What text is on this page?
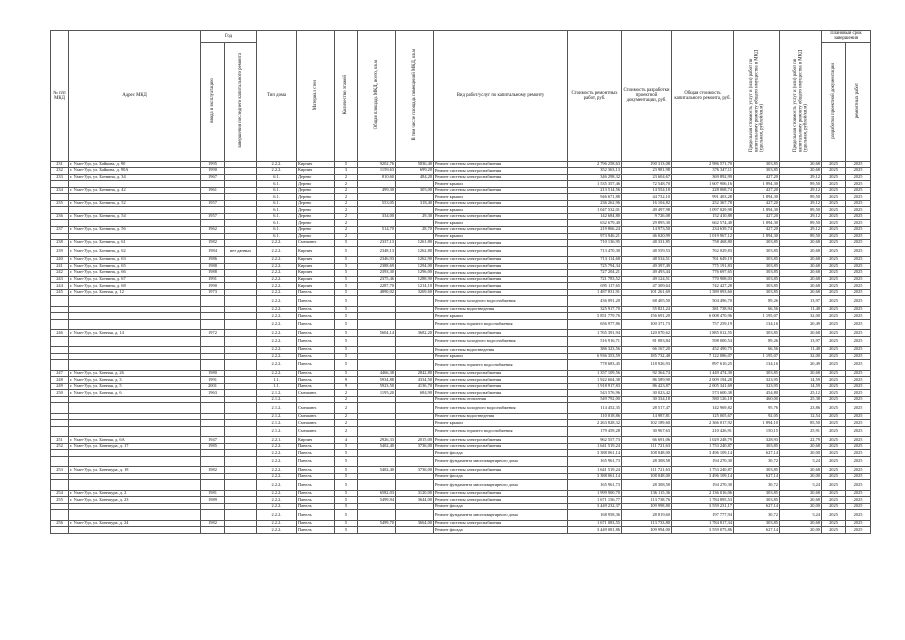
№ п/п МКД	Адрес МКД	Год		Тип дома	Материал стен	Количество этажей	Общая площадь МКД, всего, кв.м	В том числе площадь помещений МКД, кв.м	Вид работ/услуг по капитальному ремонту	Стоимость ремонтных работ, руб.	Стоимость разработки проектной документации, руб.	Общая стоимость капитального ремонта, руб.	Предельная стоимость услуг и (или) работ по капитальному ремонту общего имущества в МКД (удельная, рублей/кв.м)	Предельная стоимость услуг и (или) работ по капитальному ремонту общего имущества в МКД (удельная, рублей/кв.м)	Плановый срок завершения	
		ввода в эксплуатацию	завершения последнего капитального ремонта												разработки проектной документации	ремонтных работ
231	г. Улан-Удэ, ул. Байкова, д. 90	1995		2.2.2.	Кирпич	5	9202,76	5836,40	Ремонт системы электроснабжения	2 796 258,63	190 313,08	2 986 571,70	303,85	20,68	2025	2025
232	г. Улан-Удэ, ул. Байкова, д. 90А	1990		2.2.2.	Кирпич	3	1159,63	699,20	Ремонт системы электроснабжения	352 363,13	23 981,98	376 347,11	303,85	20,68	2025	2025
233	г. Улан-Удэ, ул. Ботвина, д. 34	1967		6.1.	Дерево	2	810,60	484,20	Ремонт системы электроснабжения	346 298,32	23 604,67	369 892,99	427,20	29,12	2025	2025
				6.1.	Дерево	2			Ремонт крыши	1 535 357,46	72 548,70	1 607 906,16	1 894,30	89,50	2025	2025
234	г. Улан-Удэ, ул. Ботвина, д. 42	1961		6.1.	Дерево	2	499,30	305,00	Ремонт системы электроснабжения	213 514,56	14 554,18	228 068,74	427,20	29,12	2025	2025
				6.1.	Дерево	2			Ремонт крыши	946 671,88	44 732,10	991 403,28	1 894,30	89,50	2025	2025
235	г. Улан-Удэ, ул. Ботвина, д. 52	1957		6.1.	Дерево	2	553,05	318,40	Ремонт системы электроснабжения	236 262,96	16 104,82	252 367,78	427,20	29,12	2025	2025
				6.1.	Дерево	2			Ремонт крыши	1 047 532,01	49 497,98	1 097 029,98	1 894,30	89,50	2025	2025
236	г. Улан-Удэ, ул. Ботвина, д. 54	1957		6.1.	Дерево	2	334,00	29,30	Ремонт системы электроснабжения	142 684,80	9 726,08	152 410,88	427,20	29,12	2025	2025
				6.1.	Дерево	2			Ремонт крыши	632 679,40	29 895,30	662 574,40	1 894,30	89,50	2025	2025
237	г. Улан-Удэ, ул. Ботвина, д. 56	1962		6.1.	Дерево	2	514,70	28,70	Ремонт системы электроснабжения	219 866,24	14 973,50	234 639,74	427,20	29,12	2025	2025
				6.1.	Дерево	2			Ремонт крыши	973 946,21	46 020,99	1 019 967,12	1 894,30	89,50	2025	2025
238	г. Улан-Удэ, ул. Ботвина, д. 61	1982		2.2.2.	Смешанн.	5	2337,13	1261,80	Ремонт системы электроснабжения	710 136,95	48 331,85	758 468,80	303,85	20,68	2025	2025
239	г. Улан-Удэ, ул. Ботвина, д. 62	1984	нет данных	2.2.2.	Кирпич	5	2348,13	1262,80	Ремонт системы электроснабжения	713 470,30	48 559,53	762 029,83	303,85	20,68	2025	2025
240	г. Улан-Удэ, ул. Ботвина, д. 63	1986		2.2.2.	Кирпич	5	2346,93	1262,90	Ремонт системы электроснабжения	713 114,68	48 534,51	761 649,19	303,85	20,68	2025	2025
241	г. Улан-Удэ, ул. Ботвина, д. 65	1988		2.2.2.	Кирпич	5	2388,69	1294,00	Ремонт системы электроснабжения	725 794,34	49 397,49	775 191,83	303,85	20,68	2025	2025
242	г. Улан-Удэ, ул. Ботвина, д. 66	1988		2.2.2.	Кирпич	5	2393,30	1296,00	Ремонт системы электроснабжения	727 204,21	49 493,44	776 697,65	303,85	20,68	2025	2025
243	г. Улан-Удэ, ул. Ботвина, д. 67	1991		2.2.2.	Кирпич	5	2375,46	1288,90	Ремонт системы электроснабжения	721 783,52	49 124,51	770 908,03	303,85	20,68	2025	2025
244	г. Улан-Удэ, ул. Ботвина, д. 68	1990		2.2.2.	Кирпич	5	2287,70	1214,10	Ремонт системы электроснабжения	695 117,65	47 309,64	742 427,28	303,85	20,68	2025	2025
245	г. Улан-Удэ, ул. Бонная, д. 12	1973		2.2.2.	Панель	5	4890,02	3269,60	Ремонт системы электроснабжения	1 487 831,91	101 261,69	1 589 093,60	303,85	20,68	2025	2025
				2.2.2.	Панель	5			Ремонт системы холодного водоснабжения	436 091,20	68 405,50	504 496,70	89,26	13,97	2025	2025
				2.2.2.	Панель	5			Ремонт системы водоотведения	325 917,70	55 821,24	381 738,94	66,56	11,40	2025	2025
				2.2.2.	Панель	5			Ремонт крыши	5 851 779,76	156 691,20	6 008 470,96	1 195,07	32,00	2025	2025
				2.2.2.	Панель	5			Ремонт системы горячего водоснабжения	656 977,86	100 371,73	757 259,19	134,16	20,49	2025	2025
246	г. Улан-Удэ, ул. Бонная, д. 14	1972		2.2.2.	Панель	5	5604,14	3682,20	Ремонт системы электроснабжения	1 765 391,94	120 070,62	1 885 012,55	303,85	20,68	2025	2025
				2.2.2.	Панель	5			Ремонт системы холодного водоснабжения	516 916,71	81 083,84	598 000,54	89,26	13,97	2025	2025
				2.2.2.	Панель	5			Ремонт системы водоотведения	386 323,56	66 167,20	452 490,75	66,56	11,40	2025	2025
				2.2.2.	Панель	5			Ремонт крыши	6 936 353,59	185 732,48	7 122 086,07	1 195,07	32,00	2025	2025
				2.2.2.	Панель	5			Ремонт системы горячего водоснабжения	778 683,45	118 926,93	897 610,25	134,16	20,49	2025	2025
247	г. Улан-Удэ, ул. Бонная, д. 26	1980		2.2.2.	Панель	5	4466,38	2842,80	Ремонт системы электроснабжения	1 357 109,56	92 364,74	1 449 474,30	303,85	20,68	2025	2025
248	г. Улан-Удэ, ул. Бонная, д. 3	1991		1.1.	Панель	9	5934,88	4334,50	Ремонт системы электроснабжения	1 922 604,38	86 589,90	2 009 194,28	323,95	14,59	2025	2025
249	г. Улан-Удэ, ул. Бонная, д. 5	2001		1.1.	Панель	9	5923,50	4136,70	Ремонт системы электроснабжения	1 918 917,83	86 423,87	2 005 341,69	323,95	14,59	2025	2025
250	г. Улан-Удэ, ул. Бонная, д. 6	1963		2.1.2.	Смешанн.	2	1195,20	684,90	Ремонт системы электроснабжения	543 576,96	30 023,42	573 600,38	454,80	25,12	2025	2025
				2.1.2.		2			Ремонт системы отопления	549 792,00	30 334,18	580 126,18	460,00	25,38	2025	2025
				2.1.2.	Смешанн.	2			Ремонт системы холодного водоснабжения	114 452,35	28 517,47	142 969,82	95,76	23,86	2025	2025
				2.1.2.	Смешанн.	2			Ремонт системы водоотведения	110 018,86	14 987,81	125 005,67	92,05	12,54	2025	2025
				2.1.2.	Смешанн.	2			Ремонт крыши	2 263 828,32	102 189,60	2 366 017,92	1 894,10	85,50	2025	2025
				2.1.2.	Смешанн.	2			Ремонт системы горячего водоснабжения	179 459,28	30 967,63	210 426,91	150,15	25,91	2025	2025
251	г. Улан-Удэ, ул. Бонная, д. 6А	1947		2.2.1.	Кирпич	4	2926,33	2015,00	Ремонт системы электроснабжения	962 557,73	66 691,06	1 029 248,79	328,93	22,79	2025	2025
252	г. Улан-Удэ, ул. Боннпура, д. 17	1985		2.2.2.	Панель	5	5402,40	3736,00	Ремонт системы электроснабжения	1 641 519,24	111 721,63	1 753 240,87	303,85	20,68	2025	2025
				2.2.2.	Панель	5			Ремонт фасада	3 388 061,14	108 048,00	3 496 109,14	627,14	20,00	2025	2025
				2.2.2.	Панель	5			Ремонт фундамента многоквартирного дома	165 961,73	28 308,58	194 270,30	30,72	5,24	2025	2025
253	г. Улан-Удэ, ул. Боннпура, д. 18	1982		2.2.2.	Панель	5	5402,40	3736,00	Ремонт системы электроснабжения	1 641 519,24	111 721,63	1 753 240,87	303,85	20,68	2025	2025
				2.2.2.	Панель	5			Ремонт фасада	3 388 061,14	108 048,00	3 496 109,14	627,14	20,00	2025	2025
				2.2.2.	Панель	5			Ремонт фундамента многоквартирного дома	165 961,73	28 308,58	194 270,30	30,72	5,24	2025	2025
254	г. Улан-Удэ, ул. Боннпура, д. 2	1981		2.2.2.	Панель	5	6582,03	3120,00	Ремонт системы электроснабжения	1 999 900,70	136 115,36	2 136 016,06	303,85	20,68	2025	2025
255	г. Улан-Удэ, ул. Боннпура, д. 23	1989		2.2.2.	Панель	5	5499,94	3644,00	Ремонт системы электроснабжения	1 671 156,77	113 738,76	1 784 895,53	303,85	20,68	2025	2025
				2.2.2.	Панель	5			Ремонт фасада	3 449 232,37	109 998,80	3 559 231,17	627,14	20,00	2025	2025
				2.2.2.	Панель	5			Ремонт фундамента многоквартирного дома	168 958,36	28 819,60	197 777,94	30,72	5,24	2025	2025
256	г. Улан-Удэ, ул. Боннпура, д. 24	1982		2.2.2.	Панель	5	5499,70	3664,00	Ремонт системы электроснабжения	1 671 083,55	113 733,80	1 784 817,34	303,85	20,68	2025	2025
				2.2.2.	Панель	5			Ремонт фасада	3 449 081,86	109 994,00	3 559 075,86	627,14	20,00	2025	2025
